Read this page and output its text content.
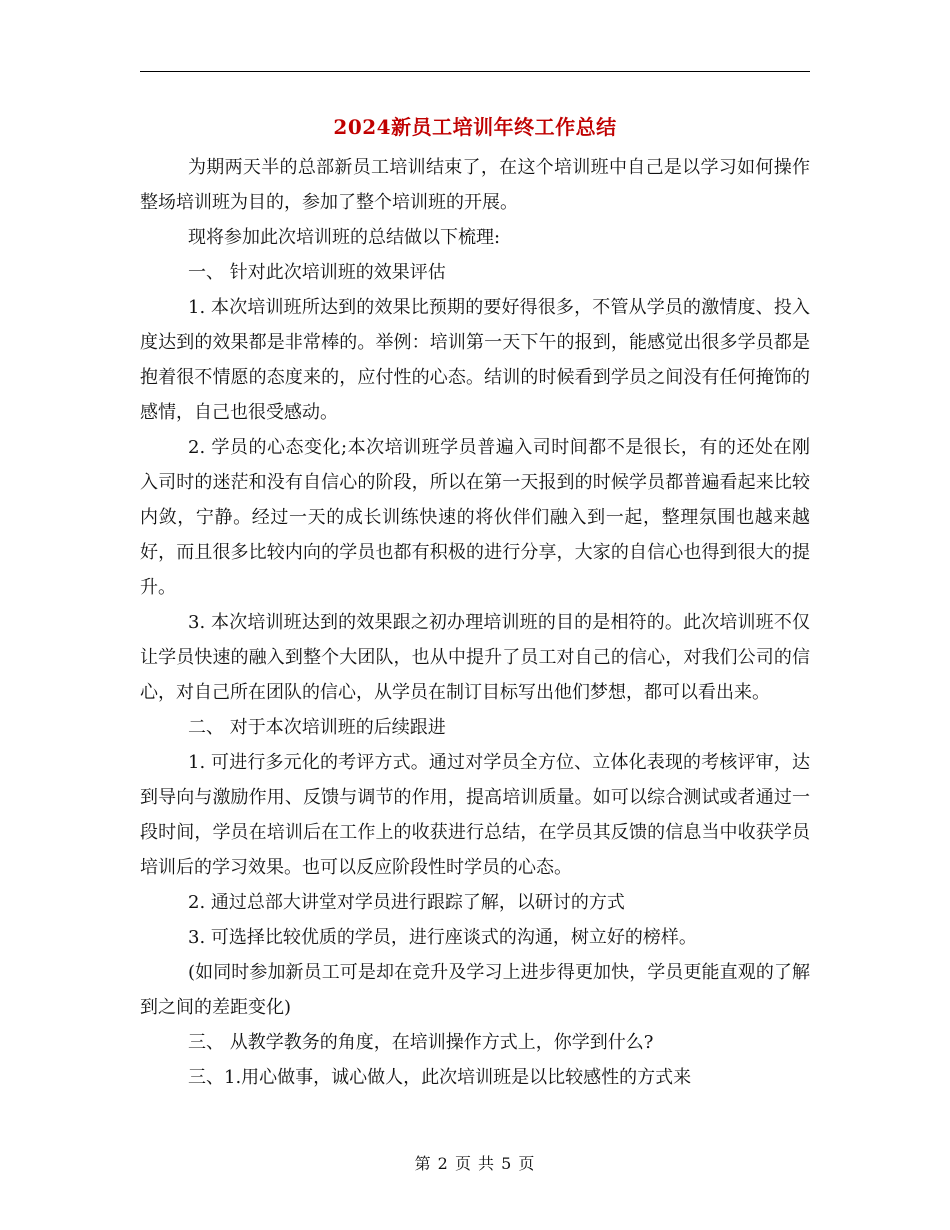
2024新员工培训年终工作总结

为期两天半的总部新员工培训结束了，在这个培训班中自己是以学习如何操作整场培训班为目的，参加了整个培训班的开展。

现将参加此次培训班的总结做以下梳理:

一、 针对此次培训班的效果评估

1. 本次培训班所达到的效果比预期的要好得很多，不管从学员的激情度、投入度达到的效果都是非常棒的。举例：培训第一天下午的报到，能感觉出很多学员都是抱着很不情愿的态度来的，应付性的心态。结训的时候看到学员之间没有任何掩饰的感情，自己也很受感动。

2. 学员的心态变化;本次培训班学员普遍入司时间都不是很长，有的还处在刚入司时的迷茫和没有自信心的阶段，所以在第一天报到的时候学员都普遍看起来比较内敛，宁静。经过一天的成长训练快速的将伙伴们融入到一起，整理氛围也越来越好，而且很多比较内向的学员也都有积极的进行分享，大家的自信心也得到很大的提升。

3. 本次培训班达到的效果跟之初办理培训班的目的是相符的。此次培训班不仅让学员快速的融入到整个大团队，也从中提升了员工对自己的信心，对我们公司的信心，对自己所在团队的信心，从学员在制订目标写出他们梦想，都可以看出来。

二、 对于本次培训班的后续跟进

1. 可进行多元化的考评方式。通过对学员全方位、立体化表现的考核评审，达到导向与激励作用、反馈与调节的作用，提高培训质量。如可以综合测试或者通过一段时间，学员在培训后在工作上的收获进行总结，在学员其反馈的信息当中收获学员培训后的学习效果。也可以反应阶段性时学员的心态。

2. 通过总部大讲堂对学员进行跟踪了解，以研讨的方式

3. 可选择比较优质的学员，进行座谈式的沟通，树立好的榜样。

(如同时参加新员工可是却在竞升及学习上进步得更加快，学员更能直观的了解到之间的差距变化)

三、 从教学教务的角度，在培训操作方式上，你学到什么?

三、1.用心做事，诚心做人，此次培训班是以比较感性的方式来

第 2 页 共 5 页
